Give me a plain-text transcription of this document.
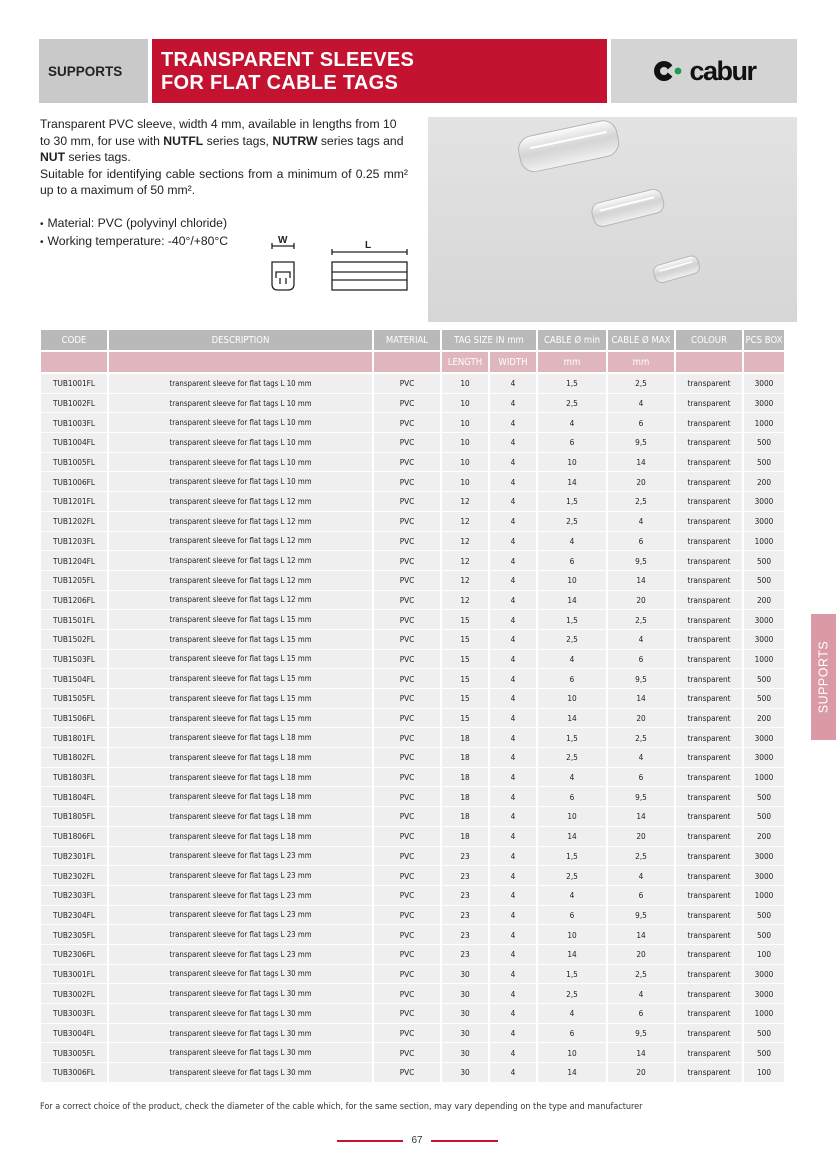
SUPPORTS TRANSPARENT SLEEVES
FOR FLAT CABLE TAGS	cabur

Transparent PVC sleeve, width 4 mm, available in lengths from 10 to 30 mm, for use with NUTFL series tags, NUTRW series tags and NUT series tags.

Suitable for identifying cable sections from a minimum of 0.25 mm² up to a maximum of 50 mm².

• Material: PVC (polyvinyl chloride)
• Working temperature: -40°/+80°C	W	L
CODE	DESCRIPTION	MATERIAL	TAG SIZE IN mm		CABLE Ø min	CABLE Ø MAX	COLOUR	PCS BOX
			LENGTH	WIDTH	mm	mm		
TUB1001FL	transparent sleeve for flat tags L 10 mm	PVC	10	4	1,5	2,5	transparent	3000
TUB1002FL	transparent sleeve for flat tags L 10 mm	PVC	10	4	2,5	4	transparent	3000
TUB1003FL	transparent sleeve for flat tags L 10 mm	PVC	10	4	4	6	transparent	1000
TUB1004FL	transparent sleeve for flat tags L 10 mm	PVC	10	4	6	9,5	transparent	500
TUB1005FL	transparent sleeve for flat tags L 10 mm	PVC	10	4	10	14	transparent	500
TUB1006FL	transparent sleeve for flat tags L 10 mm	PVC	10	4	14	20	transparent	200
TUB1201FL	transparent sleeve for flat tags L 12 mm	PVC	12	4	1,5	2,5	transparent	3000
TUB1202FL	transparent sleeve for flat tags L 12 mm	PVC	12	4	2,5	4	transparent	3000
TUB1203FL	transparent sleeve for flat tags L 12 mm	PVC	12	4	4	6	transparent	1000
TUB1204FL	transparent sleeve for flat tags L 12 mm	PVC	12	4	6	9,5	transparent	500
TUB1205FL	transparent sleeve for flat tags L 12 mm	PVC	12	4	10	14	transparent	500
TUB1206FL	transparent sleeve for flat tags L 12 mm	PVC	12	4	14	20	transparent	200
TUB1501FL	transparent sleeve for flat tags L 15 mm	PVC	15	4	1,5	2,5	transparent	3000
TUB1502FL	transparent sleeve for flat tags L 15 mm	PVC	15	4	2,5	4	transparent	3000
TUB1503FL	transparent sleeve for flat tags L 15 mm	PVC	15	4	4	6	transparent	1000
TUB1504FL	transparent sleeve for flat tags L 15 mm	PVC	15	4	6	9,5	transparent	500
TUB1505FL	transparent sleeve for flat tags L 15 mm	PVC	15	4	10	14	transparent	500
TUB1506FL	transparent sleeve for flat tags L 15 mm	PVC	15	4	14	20	transparent	200
TUB1801FL	transparent sleeve for flat tags L 18 mm	PVC	18	4	1,5	2,5	transparent	3000
TUB1802FL	transparent sleeve for flat tags L 18 mm	PVC	18	4	2,5	4	transparent	3000
TUB1803FL	transparent sleeve for flat tags L 18 mm	PVC	18	4	4	6	transparent	1000
TUB1804FL	transparent sleeve for flat tags L 18 mm	PVC	18	4	6	9,5	transparent	500
TUB1805FL	transparent sleeve for flat tags L 18 mm	PVC	18	4	10	14	transparent	500
TUB1806FL	transparent sleeve for flat tags L 18 mm	PVC	18	4	14	20	transparent	200
TUB2301FL	transparent sleeve for flat tags L 23 mm	PVC	23	4	1,5	2,5	transparent	3000
TUB2302FL	transparent sleeve for flat tags L 23 mm	PVC	23	4	2,5	4	transparent	3000
TUB2303FL	transparent sleeve for flat tags L 23 mm	PVC	23	4	4	6	transparent	1000
TUB2304FL	transparent sleeve for flat tags L 23 mm	PVC	23	4	6	9,5	transparent	500
TUB2305FL	transparent sleeve for flat tags L 23 mm	PVC	23	4	10	14	transparent	500
TUB2306FL	transparent sleeve for flat tags L 23 mm	PVC	23	4	14	20	transparent	100
TUB3001FL	transparent sleeve for flat tags L 30 mm	PVC	30	4	1,5	2,5	transparent	3000
TUB3002FL	transparent sleeve for flat tags L 30 mm	PVC	30	4	2,5	4	transparent	3000
TUB3003FL	transparent sleeve for flat tags L 30 mm	PVC	30	4	4	6	transparent	1000
TUB3004FL	transparent sleeve for flat tags L 30 mm	PVC	30	4	6	9,5	transparent	500
TUB3005FL	transparent sleeve for flat tags L 30 mm	PVC	30	4	10	14	transparent	500
TUB3006FL	transparent sleeve for flat tags L 30 mm	PVC	30	4	14	20	transparent	100
For a correct choice of the product, check the diameter of the cable which, for the same section, may vary depending on the type and manufacturer
67
SUPPORTS
